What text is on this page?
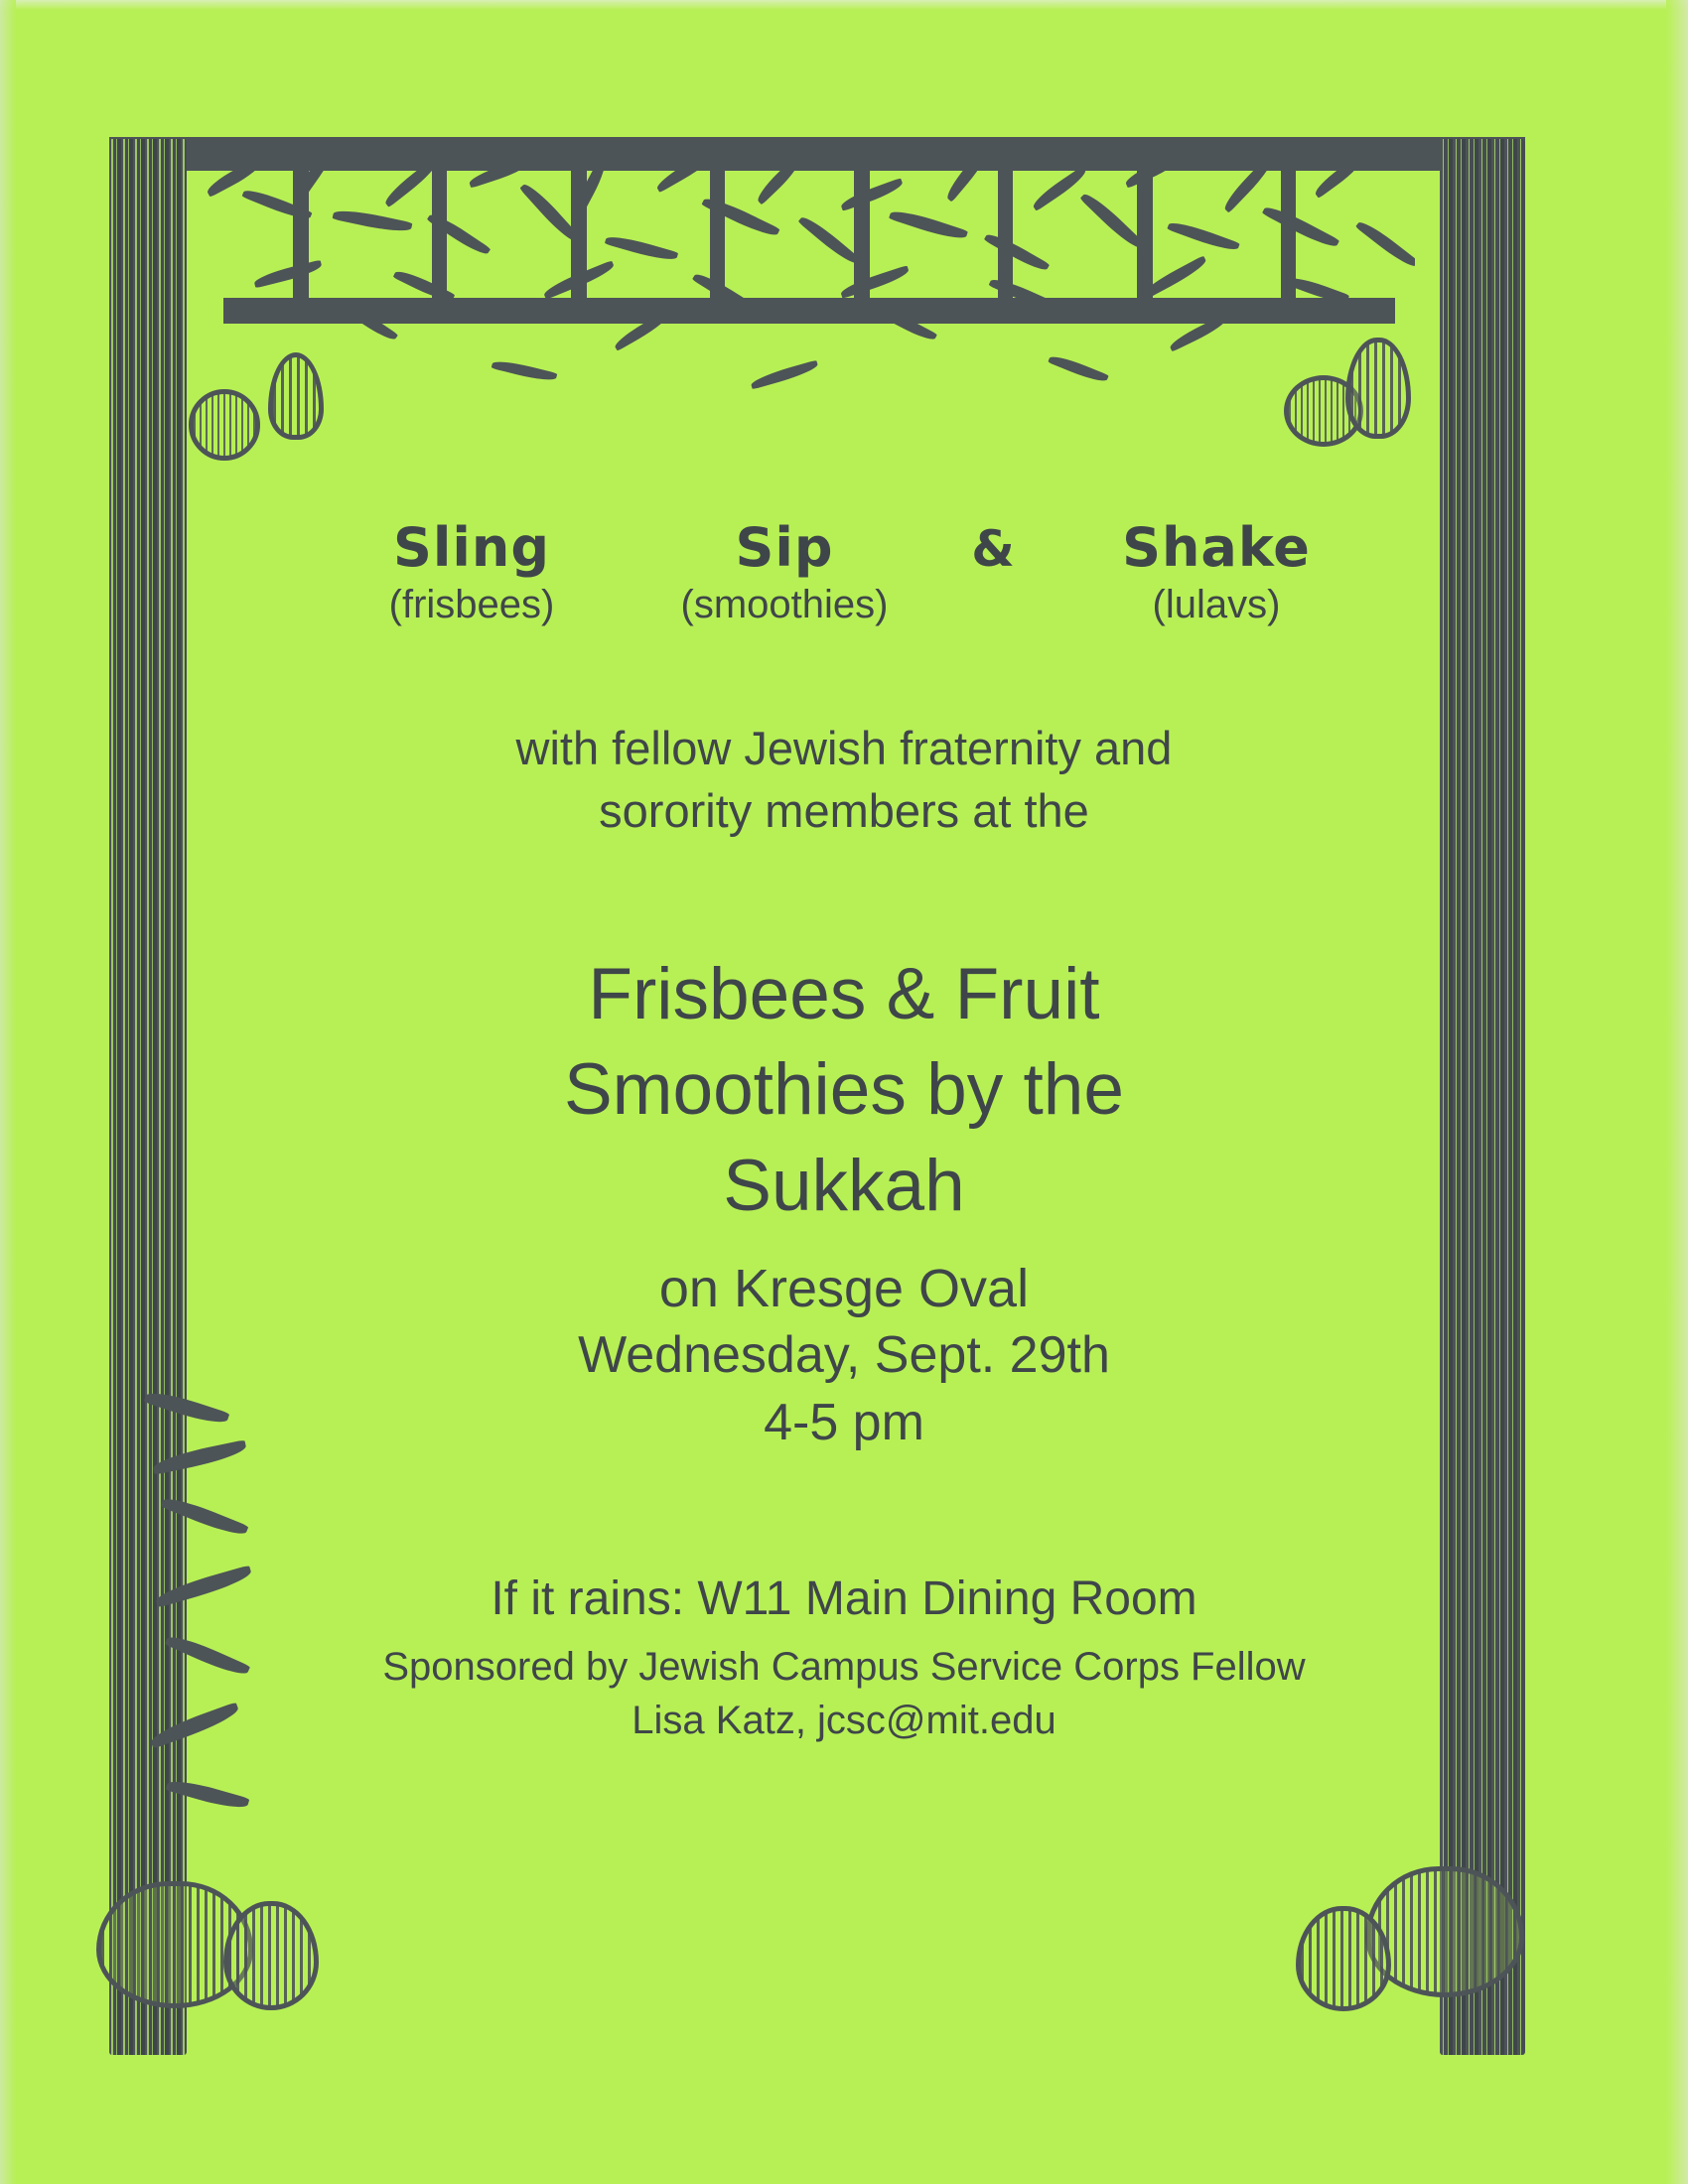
Sling	Sip	&	Shake
(frisbees)	(smoothies)	(lulavs)
with fellow Jewish fraternity and
sorority members at the
Frisbees & Fruit
Smoothies by the
Sukkah
on Kresge Oval
Wednesday, Sept. 29th
4-5 pm
If it rains: W11 Main Dining Room
Sponsored by Jewish Campus Service Corps Fellow
Lisa Katz, jcsc@mit.edu
